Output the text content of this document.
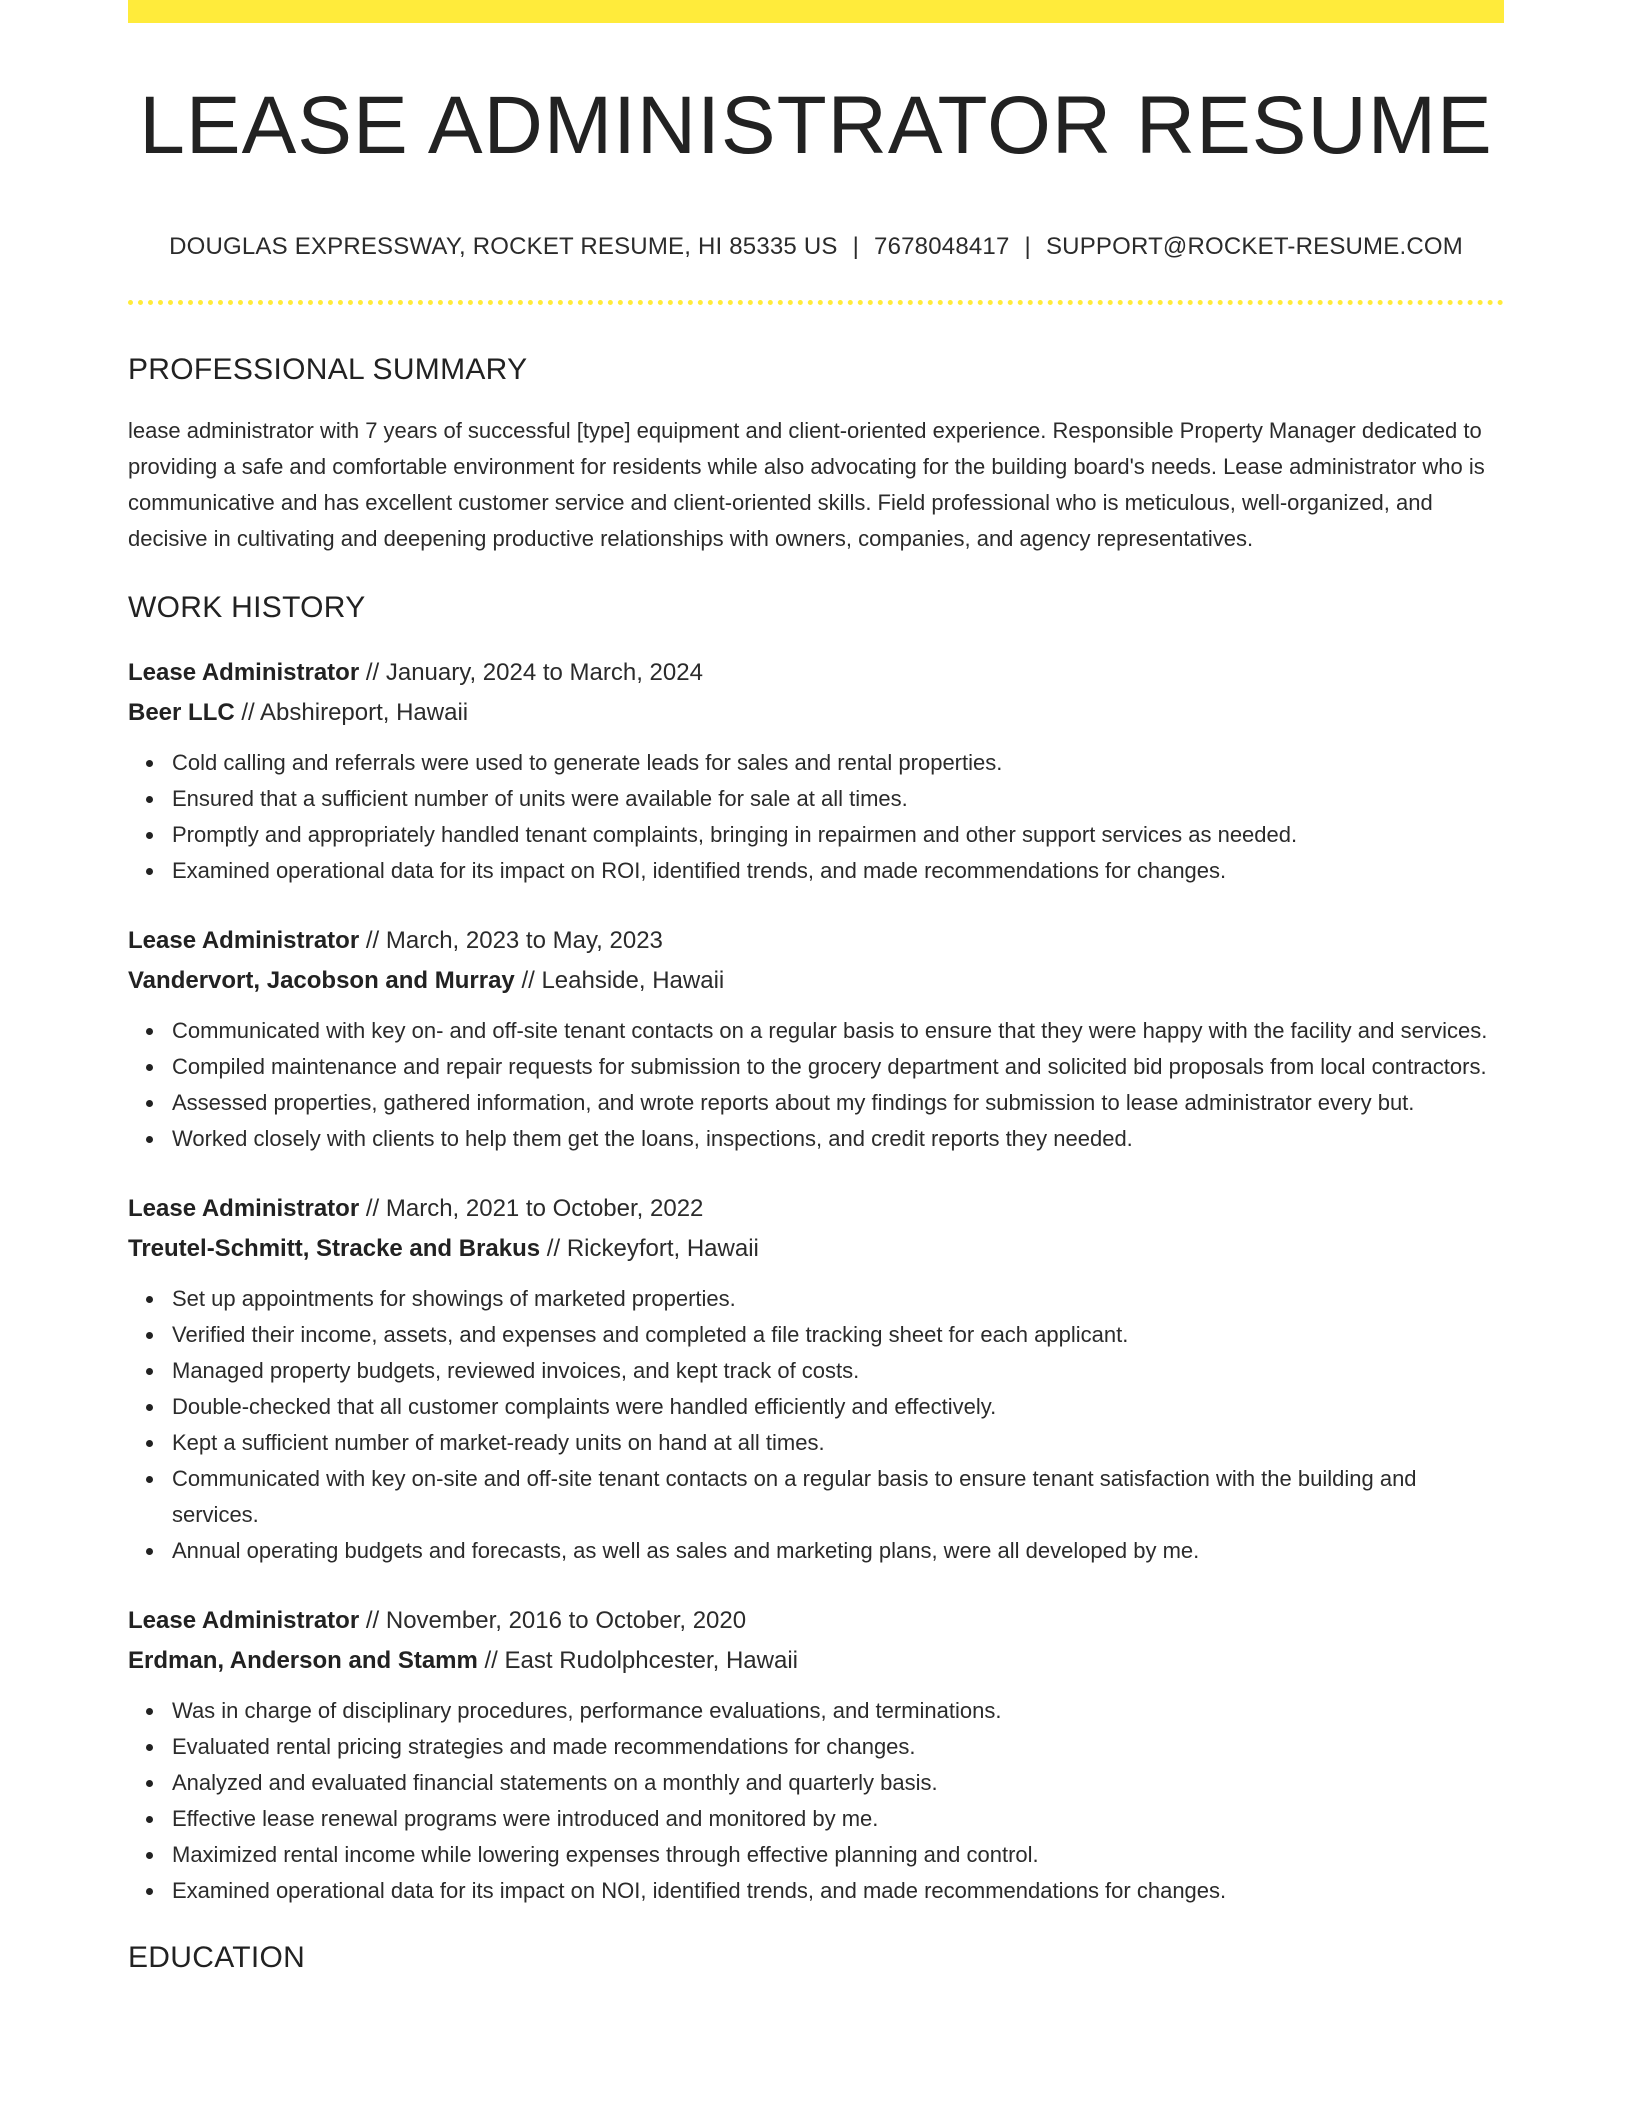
LEASE ADMINISTRATOR RESUME
DOUGLAS EXPRESSWAY, ROCKET RESUME, HI 85335 US | 7678048417 | SUPPORT@ROCKET-RESUME.COM
PROFESSIONAL SUMMARY

lease administrator with 7 years of successful [type] equipment and client-oriented experience. Responsible Property Manager dedicated to providing a safe and comfortable environment for residents while also advocating for the building board's needs. Lease administrator who is communicative and has excellent customer service and client-oriented skills. Field professional who is meticulous, well-organized, and decisive in cultivating and deepening productive relationships with owners, companies, and agency representatives.

WORK HISTORY
Lease Administrator // January, 2024 to March, 2024
Beer LLC // Abshireport, Hawaii
Cold calling and referrals were used to generate leads for sales and rental properties.
Ensured that a sufficient number of units were available for sale at all times.
Promptly and appropriately handled tenant complaints, bringing in repairmen and other support services as needed.
Examined operational data for its impact on ROI, identified trends, and made recommendations for changes.
Lease Administrator // March, 2023 to May, 2023
Vandervort, Jacobson and Murray // Leahside, Hawaii
Communicated with key on- and off-site tenant contacts on a regular basis to ensure that they were happy with the facility and services.
Compiled maintenance and repair requests for submission to the grocery department and solicited bid proposals from local contractors.
Assessed properties, gathered information, and wrote reports about my findings for submission to lease administrator every but.
Worked closely with clients to help them get the loans, inspections, and credit reports they needed.
Lease Administrator // March, 2021 to October, 2022
Treutel-Schmitt, Stracke and Brakus // Rickeyfort, Hawaii
Set up appointments for showings of marketed properties.
Verified their income, assets, and expenses and completed a file tracking sheet for each applicant.
Managed property budgets, reviewed invoices, and kept track of costs.
Double-checked that all customer complaints were handled efficiently and effectively.
Kept a sufficient number of market-ready units on hand at all times.
Communicated with key on-site and off-site tenant contacts on a regular basis to ensure tenant satisfaction with the building and services.
Annual operating budgets and forecasts, as well as sales and marketing plans, were all developed by me.
Lease Administrator // November, 2016 to October, 2020
Erdman, Anderson and Stamm // East Rudolphcester, Hawaii
Was in charge of disciplinary procedures, performance evaluations, and terminations.
Evaluated rental pricing strategies and made recommendations for changes.
Analyzed and evaluated financial statements on a monthly and quarterly basis.
Effective lease renewal programs were introduced and monitored by me.
Maximized rental income while lowering expenses through effective planning and control.
Examined operational data for its impact on NOI, identified trends, and made recommendations for changes.
EDUCATION
